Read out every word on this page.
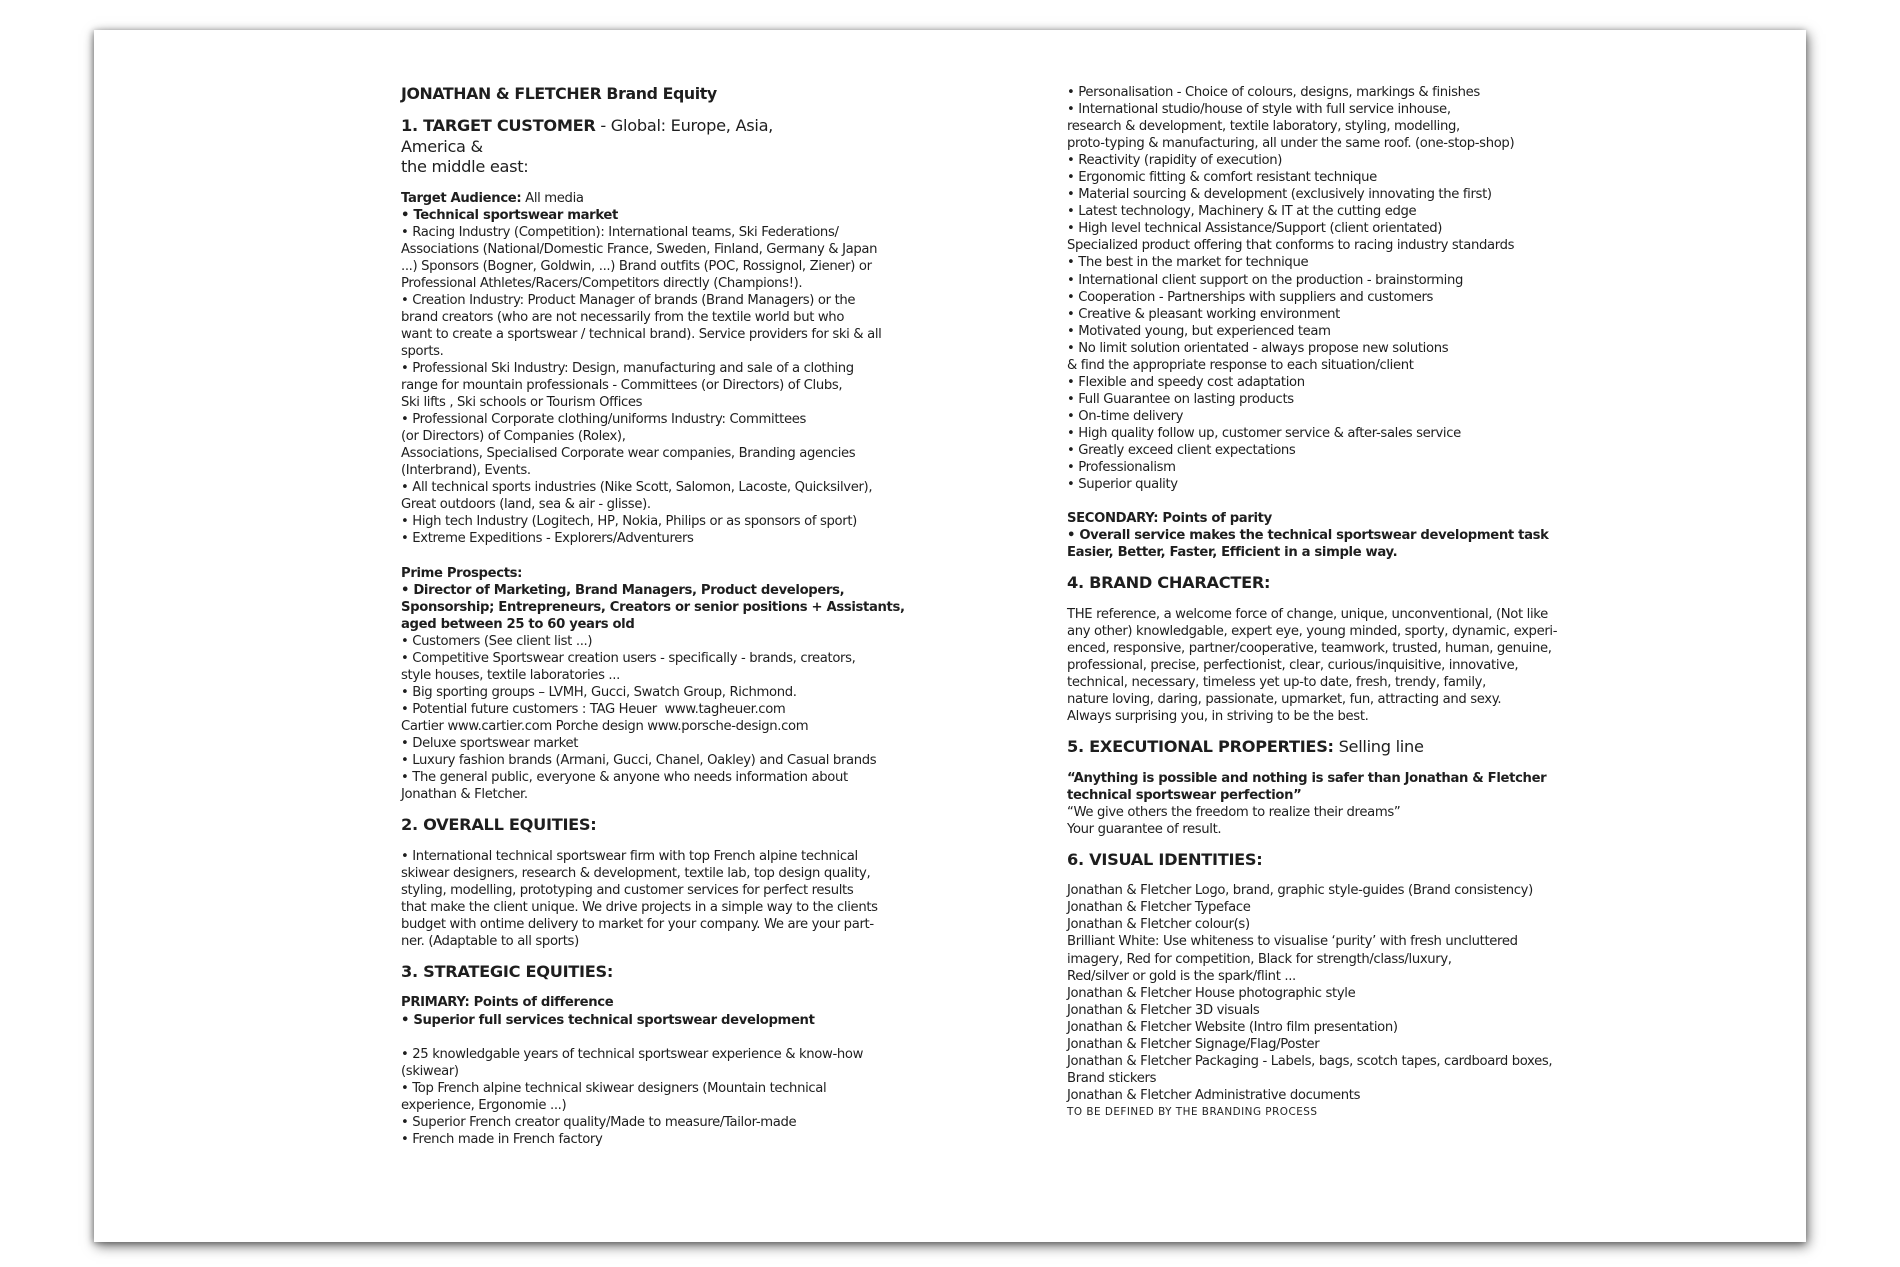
JONATHAN & FLETCHER Brand Equity
1. TARGET CUSTOMER - Global: Europe, Asia, America &
the middle east:
Target Audience: All media
• Technical sportswear market
• Racing Industry (Competition): International teams, Ski Federations/
Associations (National/Domestic France, Sweden, Finland, Germany & Japan
...) Sponsors (Bogner, Goldwin, ...) Brand outfits (POC, Rossignol, Ziener) or
Professional Athletes/Racers/Competitors directly (Champions!).
• Creation Industry: Product Manager of brands (Brand Managers) or the
brand creators (who are not necessarily from the textile world but who
want to create a sportswear / technical brand). Service providers for ski & all
sports.
• Professional Ski Industry: Design, manufacturing and sale of a clothing
range for mountain professionals - Committees (or Directors) of Clubs,
Ski lifts , Ski schools or Tourism Offices
• Professional Corporate clothing/uniforms Industry: Committees
(or Directors) of Companies (Rolex),
Associations, Specialised Corporate wear companies, Branding agencies
(Interbrand), Events.
• All technical sports industries (Nike Scott, Salomon, Lacoste, Quicksilver),
Great outdoors (land, sea & air - glisse).
• High tech Industry (Logitech, HP, Nokia, Philips or as sponsors of sport)
• Extreme Expeditions - Explorers/Adventurers
Prime Prospects:
• Director of Marketing, Brand Managers, Product developers,
Sponsorship; Entrepreneurs, Creators or senior positions + Assistants,
aged between 25 to 60 years old
• Customers (See client list ...)
• Competitive Sportswear creation users - specifically - brands, creators,
style houses, textile laboratories ...
• Big sporting groups – LVMH, Gucci, Swatch Group, Richmond.
• Potential future customers : TAG Heuer  www.tagheuer.com
Cartier www.cartier.com Porche design www.porsche-design.com
• Deluxe sportswear market
• Luxury fashion brands (Armani, Gucci, Chanel, Oakley) and Casual brands
• The general public, everyone & anyone who needs information about
Jonathan & Fletcher.
2. OVERALL EQUITIES:
• International technical sportswear firm with top French alpine technical
skiwear designers, research & development, textile lab, top design quality,
styling, modelling, prototyping and customer services for perfect results
that make the client unique. We drive projects in a simple way to the clients
budget with ontime delivery to market for your company. We are your part-
ner. (Adaptable to all sports)
3. STRATEGIC EQUITIES:
PRIMARY: Points of difference
• Superior full services technical sportswear development
• 25 knowledgable years of technical sportswear experience & know-how
(skiwear)
• Top French alpine technical skiwear designers (Mountain technical
experience, Ergonomie ...)
• Superior French creator quality/Made to measure/Tailor-made
• French made in French factory
• Personalisation - Choice of colours, designs, markings & finishes
• International studio/house of style with full service inhouse,
research & development, textile laboratory, styling, modelling,
proto-typing & manufacturing, all under the same roof. (one-stop-shop)
• Reactivity (rapidity of execution)
• Ergonomic fitting & comfort resistant technique
• Material sourcing & development (exclusively innovating the first)
• Latest technology, Machinery & IT at the cutting edge
• High level technical Assistance/Support (client orientated)
Specialized product offering that conforms to racing industry standards
• The best in the market for technique
• International client support on the production - brainstorming
• Cooperation - Partnerships with suppliers and customers
• Creative & pleasant working environment
• Motivated young, but experienced team
• No limit solution orientated - always propose new solutions
& find the appropriate response to each situation/client
• Flexible and speedy cost adaptation
• Full Guarantee on lasting products
• On-time delivery
• High quality follow up, customer service & after-sales service
• Greatly exceed client expectations
• Professionalism
• Superior quality
SECONDARY: Points of parity
• Overall service makes the technical sportswear development task
Easier, Better, Faster, Efficient in a simple way.
4. BRAND CHARACTER:
THE reference, a welcome force of change, unique, unconventional, (Not like
any other) knowledgable, expert eye, young minded, sporty, dynamic, experi-
enced, responsive, partner/cooperative, teamwork, trusted, human, genuine,
professional, precise, perfectionist, clear, curious/inquisitive, innovative,
technical, necessary, timeless yet up-to date, fresh, trendy, family,
nature loving, daring, passionate, upmarket, fun, attracting and sexy.
Always surprising you, in striving to be the best.
5. EXECUTIONAL PROPERTIES: Selling line
“Anything is possible and nothing is safer than Jonathan & Fletcher
technical sportswear perfection”
“We give others the freedom to realize their dreams”
Your guarantee of result.
6. VISUAL IDENTITIES:
Jonathan & Fletcher Logo, brand, graphic style-guides (Brand consistency)
Jonathan & Fletcher Typeface
Jonathan & Fletcher colour(s)
Brilliant White: Use whiteness to visualise ‘purity’ with fresh uncluttered
imagery, Red for competition, Black for strength/class/luxury,
Red/silver or gold is the spark/flint ...
Jonathan & Fletcher House photographic style
Jonathan & Fletcher 3D visuals
Jonathan & Fletcher Website (Intro film presentation)
Jonathan & Fletcher Signage/Flag/Poster
Jonathan & Fletcher Packaging - Labels, bags, scotch tapes, cardboard boxes,
Brand stickers
Jonathan & Fletcher Administrative documents
TO BE DEFINED BY THE BRANDING PROCESS
